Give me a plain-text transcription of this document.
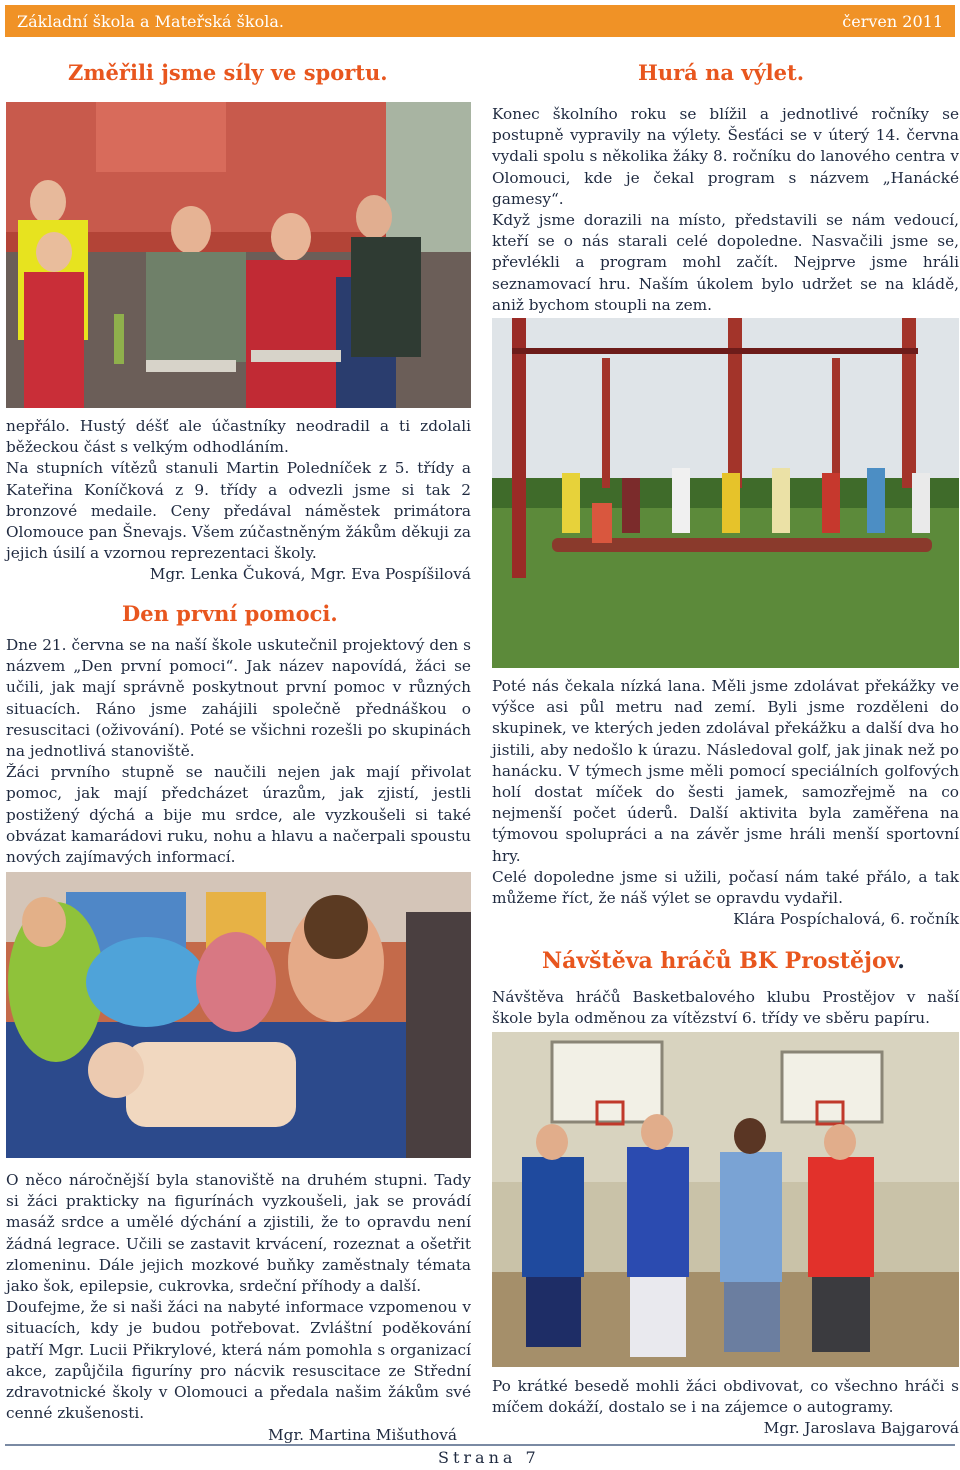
Základní škola a Mateřská škola.	červen 2011
Změřili jsme síly ve sportu.

nepřálo. Hustý déšť ale účastníky neodradil a ti zdolali běžeckou část s velkým odhodláním.

Na stupních vítězů stanuli Martin Poledníček z 5. třídy a Kateřina Koníčková z 9. třídy a odvezli jsme si tak 2 bronzové medaile. Ceny předával náměstek primátora Olomouce pan Šnevajs. Všem zúčastněným žákům děkuji za jejich úsilí a vzornou reprezentaci školy.

Mgr. Lenka Čuková, Mgr. Eva Pospíšilová

Den první pomoci.

Dne 21. června se na naší škole uskutečnil projektový den s názvem „Den první pomoci“. Jak název napovídá, žáci se učili, jak mají správně poskytnout první pomoc v různých situacích. Ráno jsme zahájili společně přednáškou o resuscitaci (oživování). Poté se všichni rozešli po skupinách na jednotlivá stanoviště.

Žáci prvního stupně se naučili nejen jak mají přivolat pomoc, jak mají předcházet úrazům, jak zjistí, jestli postižený dýchá a bije mu srdce, ale vyzkoušeli si také obvázat kamarádovi ruku, nohu a hlavu a načerpali spoustu nových zajímavých informací.

O něco náročnější byla stanoviště na druhém stupni. Tady si žáci prakticky na figurínách vyzkoušeli, jak se provádí masáž srdce a umělé dýchání a zjistili, že to opravdu není žádná legrace. Učili se zastavit krvácení, rozeznat a ošetřit zlomeninu. Dále jejich mozkové buňky zaměstnaly témata jako šok, epilepsie, cukrovka, srdeční příhody a další.

Doufejme, že si naši žáci na nabyté informace vzpomenou v situacích, kdy je budou potřebovat. Zvláštní poděkování patří Mgr. Lucii Přikrylové, která nám pomohla s organizací akce, zapůjčila figuríny pro nácvik resuscitace ze Střední zdravotnické školy v Olomouci a předala našim žákům své cenné zkušenosti.

Mgr. Martina Mišuthová
Hurá na výlet.

Konec školního roku se blížil a jednotlivé ročníky se postupně vypravily na výlety. Šesťáci se v úterý 14. června vydali spolu s několika žáky 8. ročníku do lanového centra v Olomouci, kde je čekal program s názvem „Hanácké gamesy“.

Když jsme dorazili na místo, představili se nám vedoucí, kteří se o nás starali celé dopoledne. Nasvačili jsme se, převlékli a program mohl začít. Nejprve jsme hráli seznamovací hru. Naším úkolem bylo udržet se na kládě, aniž bychom stoupli na zem.

Poté nás čekala nízká lana. Měli jsme zdolávat překážky ve výšce asi půl metru nad zemí. Byli jsme rozděleni do skupinek, ve kterých jeden zdolával překážku a další dva ho jistili, aby nedošlo k úrazu. Následoval golf, jak jinak než po hanácku. V týmech jsme měli pomocí speciálních golfových holí dostat míček do šesti jamek, samozřejmě na co nejmenší počet úderů. Další aktivita byla zaměřena na týmovou spolupráci a na závěr jsme hráli menší sportovní hry.

Celé dopoledne jsme si užili, počasí nám také přálo, a tak můžeme říct, že náš výlet se opravdu vydařil.

Klára Pospíchalová, 6. ročník

Návštěva hráčů BK Prostějov.

Návštěva hráčů Basketbalového klubu Prostějov v naší škole byla odměnou za vítězství 6. třídy ve sběru papíru.

Po krátké besedě mohli žáci obdivovat, co všechno hráči s míčem dokáží, dostalo se i na zájemce o autogramy.

Mgr. Jaroslava Bajgarová
Strana 7
